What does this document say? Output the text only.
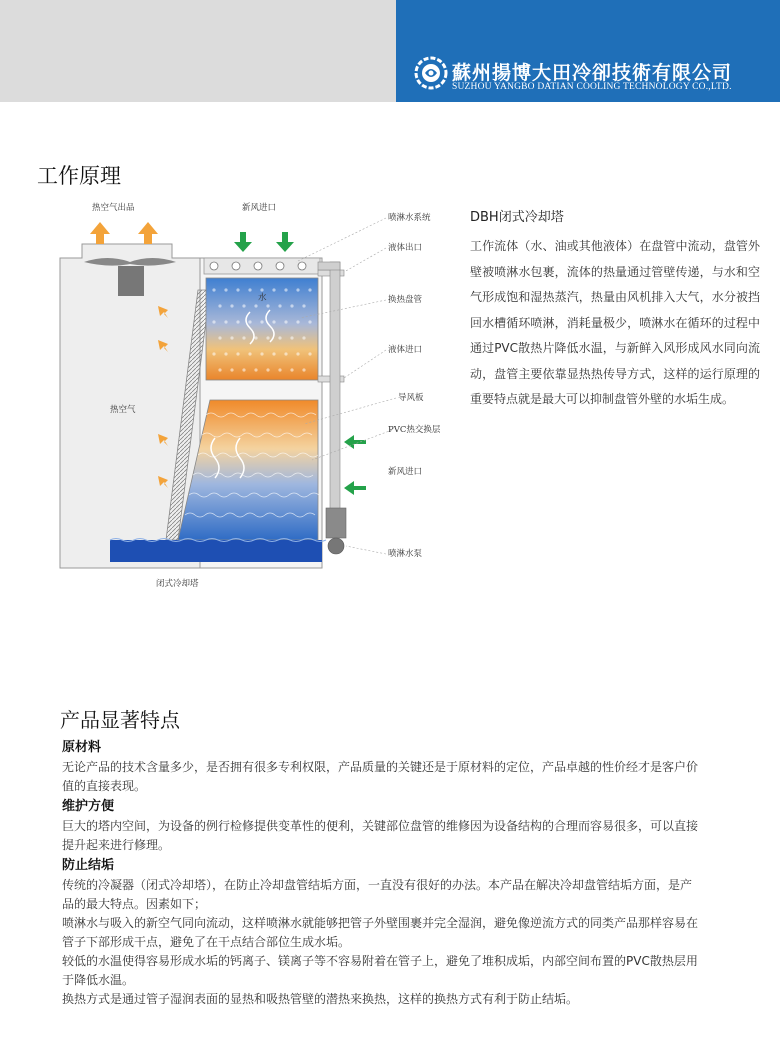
蘇州揚博大田冷卻技術有限公司
SUZHOU YANGBO DATIAN COOLING TECHNOLOGY CO.,LTD.
工作原理
水
热空气出品	新风进口
热空气
闭式冷却塔
喷淋水系统
液体出口
换热盘管
液体进口
导风板
PVC热交换层
新风进口
喷淋水泵
DBH闭式冷却塔
工作流体（水、油或其他液体）在盘管中流动，盘管外壁被喷淋水包裹，流体的热量通过管壁传递，与水和空气形成饱和湿热蒸汽，热量由风机排入大气，水分被挡回水槽循环喷淋，消耗量极少，喷淋水在循环的过程中通过PVC散热片降低水温，与新鲜入风形成风水同向流动，盘管主要依靠显热热传导方式，这样的运行原理的重要特点就是最大可以抑制盘管外壁的水垢生成。
产品显著特点
原材料

无论产品的技术含量多少，是否拥有很多专利权限，产品质量的关键还是于原材料的定位，产品卓越的性价经才是客户价值的直接表现。

维护方便

巨大的塔内空间，为设备的例行检修提供变革性的便利，关键部位盘管的维修因为设备结构的合理而容易很多，可以直接提升起来进行修理。

防止结垢

传统的冷凝器（闭式冷却塔），在防止冷却盘管结垢方面，一直没有很好的办法。本产品在解决冷却盘管结垢方面，是产品的最大特点。因素如下；

喷淋水与吸入的新空气同向流动，这样喷淋水就能够把管子外壁围裹并完全湿润，避免像逆流方式的同类产品那样容易在管子下部形成干点，避免了在干点结合部位生成水垢。

较低的水温使得容易形成水垢的钙离子、镁离子等不容易附着在管子上，避免了堆积成垢，内部空间布置的PVC散热层用于降低水温。

换热方式是通过管子湿润表面的显热和吸热管壁的潜热来换热，这样的换热方式有利于防止结垢。
